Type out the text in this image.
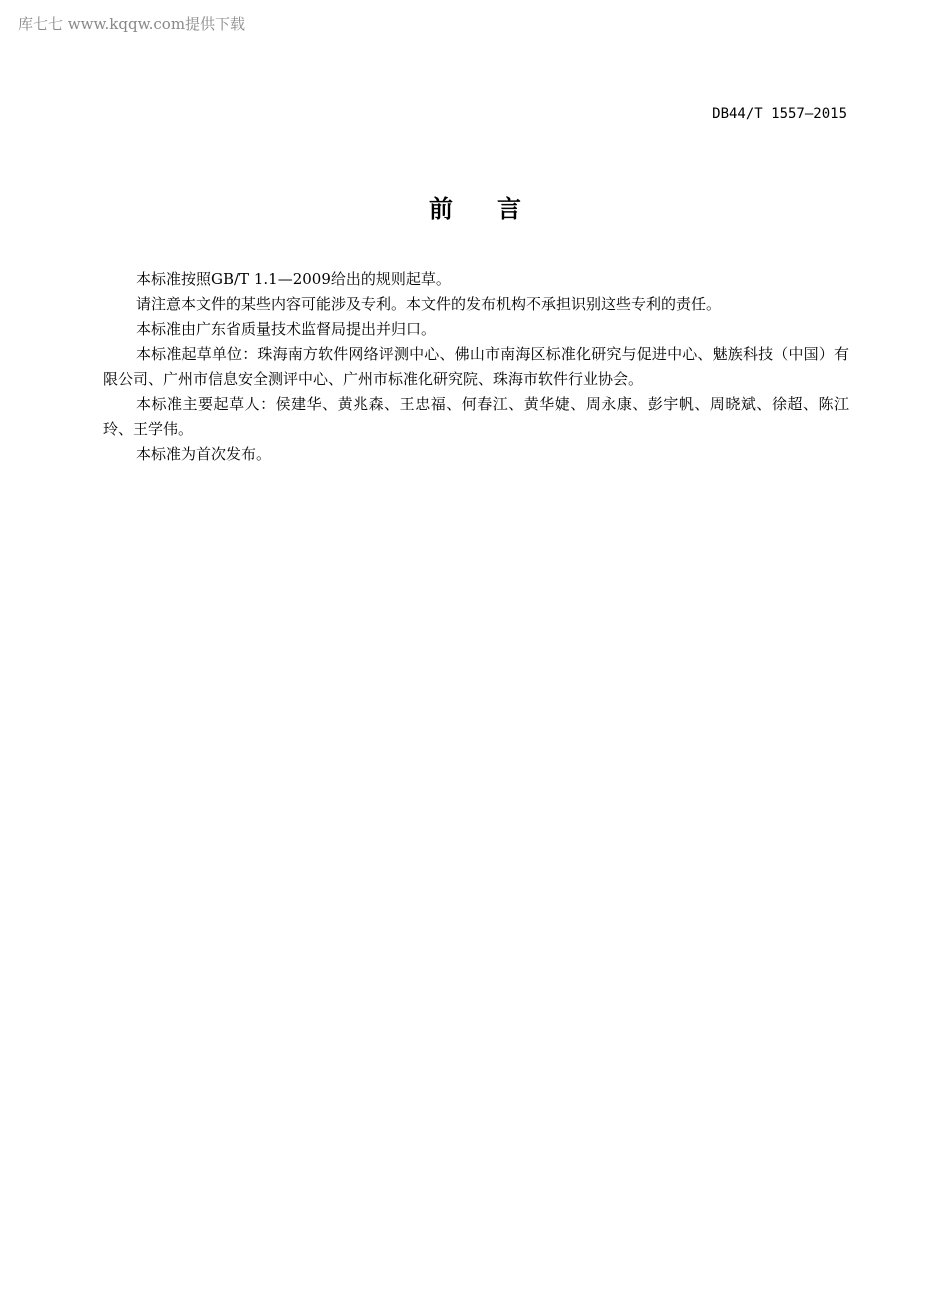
库七七 www.kqqw.com提供下载
DB44/T 1557—2015
前 言

本标准按照GB/T 1.1—2009给出的规则起草。

请注意本文件的某些内容可能涉及专利。本文件的发布机构不承担识别这些专利的责任。

本标准由广东省质量技术监督局提出并归口。

本标准起草单位：珠海南方软件网络评测中心、佛山市南海区标准化研究与促进中心、魅族科技（中国）有限公司、广州市信息安全测评中心、广州市标准化研究院、珠海市软件行业协会。

本标准主要起草人：侯建华、黄兆森、王忠福、何春江、黄华婕、周永康、彭宇帆、周晓斌、徐超、陈江玲、王学伟。

本标准为首次发布。
